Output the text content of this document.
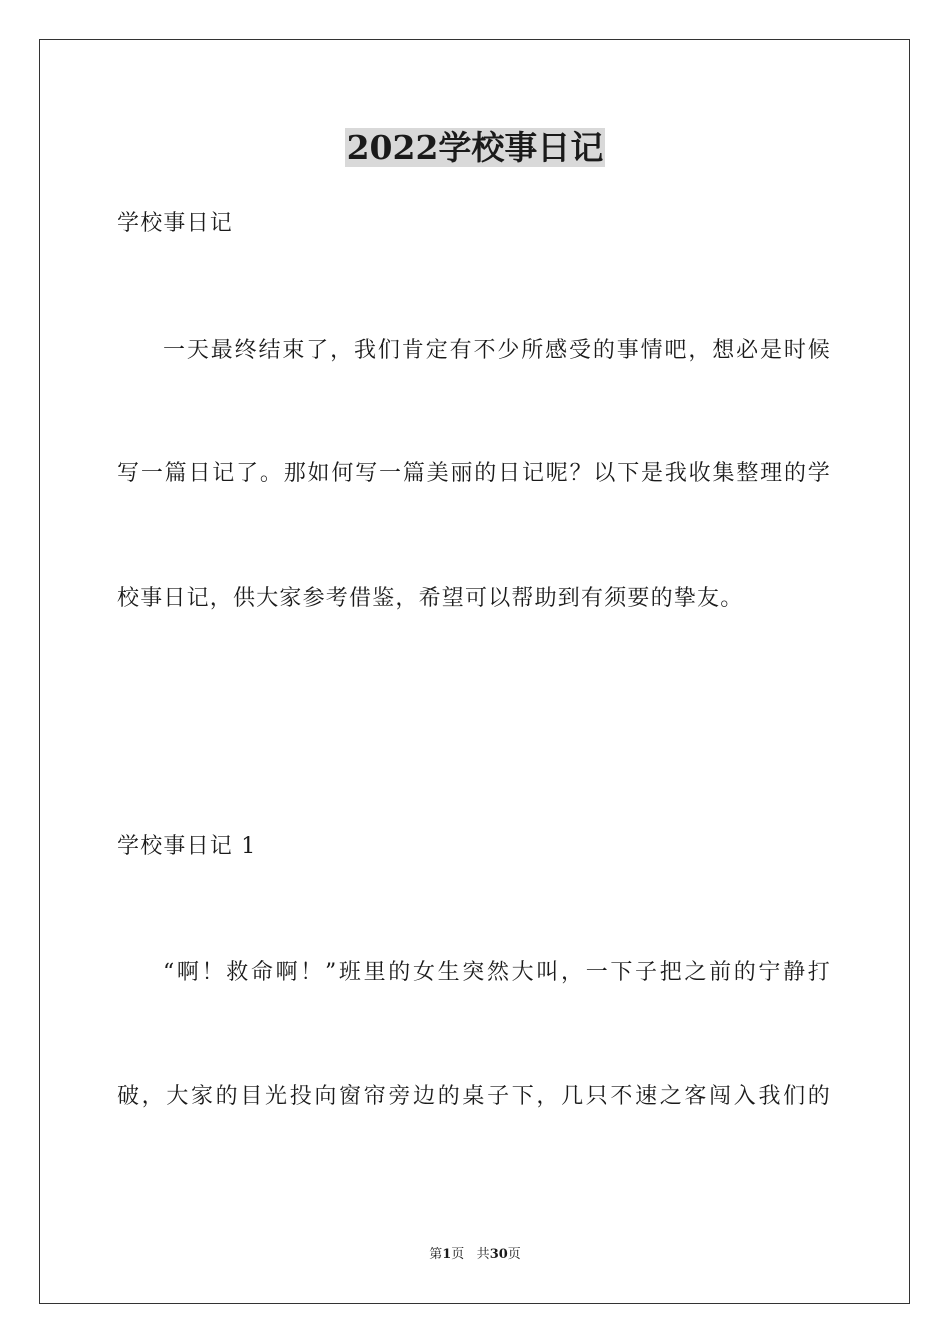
2022学校事日记
学校事日记
一天最终结束了，我们肯定有不少所感受的事情吧，想必是时候
写一篇日记了。那如何写一篇美丽的日记呢？以下是我收集整理的学
校事日记，供大家参考借鉴，希望可以帮助到有须要的挚友。
学校事日记 1
“啊！救命啊！”班里的女生突然大叫，一下子把之前的宁静打
破，大家的目光投向窗帘旁边的桌子下，几只不速之客闯入我们的
第1页 共30页
